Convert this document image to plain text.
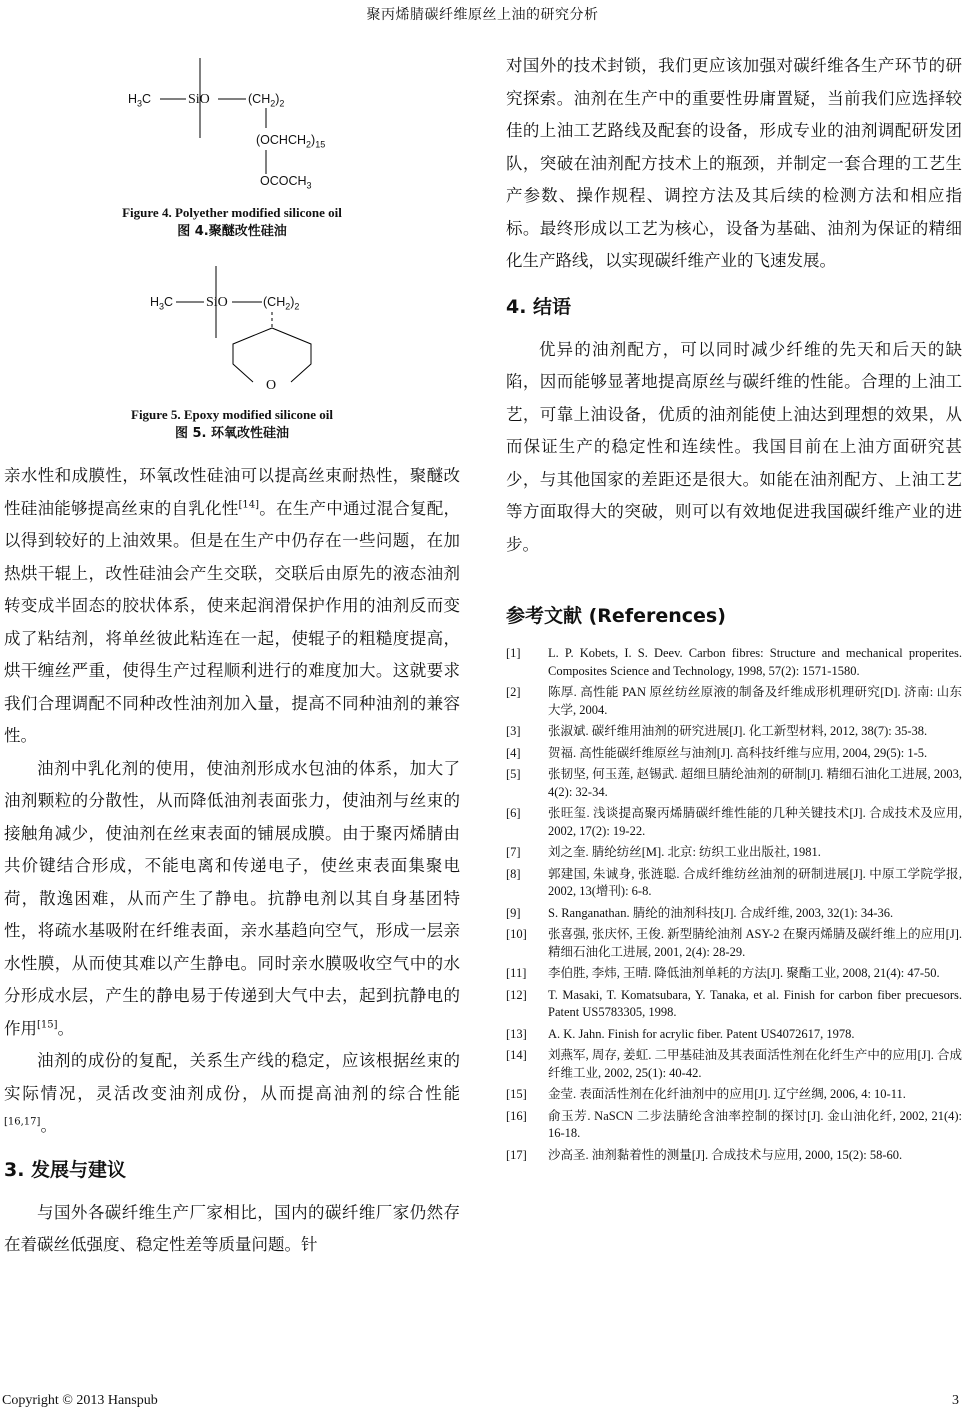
聚丙烯腈碳纤维原丝上油的研究分析
$H_3C$	SiO	$(CH_2)_2$
$(OCHCH_2)_{15}$
$OCOCH_3$
Figure 4. Polyether modified silicone oil
图 4.聚醚改性硅油
$H_3C$ SiO	$(CH_2)_2$
O
Figure 5. Epoxy modified silicone oil
图 5. 环氧改性硅油

亲水性和成膜性，环氧改性硅油可以提高丝束耐热性，聚醚改性硅油能够提高丝束的自乳化性[14]。在生产中通过混合复配，以得到较好的上油效果。但是在生产中仍存在一些问题，在加热烘干辊上，改性硅油会产生交联，交联后由原先的液态油剂转变成半固态的胶状体系，使来起润滑保护作用的油剂反而变成了粘结剂，将单丝彼此粘连在一起，使辊子的粗糙度提高，烘干缠丝严重，使得生产过程顺利进行的难度加大。这就要求我们合理调配不同种改性油剂加入量，提高不同种油剂的兼容性。

油剂中乳化剂的使用，使油剂形成水包油的体系，加大了油剂颗粒的分散性，从而降低油剂表面张力，使油剂与丝束的接触角减少，使油剂在丝束表面的铺展成膜。由于聚丙烯腈由共价键结合形成，不能电离和传递电子，使丝束表面集聚电荷，散逸困难，从而产生了静电。抗静电剂以其自身基团特性，将疏水基吸附在纤维表面，亲水基趋向空气，形成一层亲水性膜，从而使其难以产生静电。同时亲水膜吸收空气中的水分形成水层，产生的静电易于传递到大气中去，起到抗静电的作用[15]。

油剂的成份的复配，关系生产线的稳定，应该根据丝束的实际情况，灵活改变油剂成份，从而提高油剂的综合性能[16,17]。

3. 发展与建议

与国外各碳纤维生产厂家相比，国内的碳纤维厂家仍然存在着碳丝低强度、稳定性差等质量问题。针

对国外的技术封锁，我们更应该加强对碳纤维各生产环节的研究探索。油剂在生产中的重要性毋庸置疑，当前我们应选择较佳的上油工艺路线及配套的设备，形成专业的油剂调配研发团队，突破在油剂配方技术上的瓶颈，并制定一套合理的工艺生产参数、操作规程、调控方法及其后续的检测方法和相应指标。最终形成以工艺为核心，设备为基础、油剂为保证的精细化生产路线，以实现碳纤维产业的飞速发展。

4. 结语

优异的油剂配方，可以同时减少纤维的先天和后天的缺陷，因而能够显著地提高原丝与碳纤维的性能。合理的上油工艺，可靠上油设备，优质的油剂能使上油达到理想的效果，从而保证生产的稳定性和连续性。我国目前在上油方面研究甚少，与其他国家的差距还是很大。如能在油剂配方、上油工艺等方面取得大的突破，则可以有效地促进我国碳纤维产业的进步。

参考文献 (References)
[1]	L. P. Kobets, I. S. Deev. Carbon fibres: Structure and mechanical properites. Composites Science and Technology, 1998, 57(2): 1571-1580.
[2]	陈厚. 高性能 PAN 原丝纺丝原液的制备及纤维成形机理研究[D]. 济南: 山东大学, 2004.
[3]	张淑斌. 碳纤维用油剂的研究进展[J]. 化工新型材料, 2012, 38(7): 35-38.
[4]	贺福. 高性能碳纤维原丝与油剂[J]. 高科技纤维与应用, 2004, 29(5): 1-5.
[5]	张韧坚, 何玉莲, 赵锡武. 超细旦腈纶油剂的研制[J]. 精细石油化工进展, 2003, 4(2): 32-34.
[6]	张旺玺. 浅谈提高聚丙烯腈碳纤维性能的几种关键技术[J]. 合成技术及应用, 2002, 17(2): 19-22.
[7]	刘之奎. 腈纶纺丝[M]. 北京: 纺织工业出版社, 1981.
[8]	郭建国, 朱诚身, 张涟聪. 合成纤维纺丝油剂的研制进展[J]. 中原工学院学报, 2002, 13(增刊): 6-8.
[9]	S. Ranganathan. 腈纶的油剂科技[J]. 合成纤维, 2003, 32(1): 34-36.
[10]	张喜强, 张庆怀, 王俊. 新型腈纶油剂 ASY-2 在聚丙烯腈及碳纤维上的应用[J]. 精细石油化工进展, 2001, 2(4): 28-29.
[11]	李伯胜, 李炜, 王晴. 降低油剂单耗的方法[J]. 聚酯工业, 2008, 21(4): 47-50.
[12]	T. Masaki, T. Komatsubara, Y. Tanaka, et al. Finish for carbon fiber precuesors. Patent US5783305, 1998.
[13]	A. K. Jahn. Finish for acrylic fiber. Patent US4072617, 1978.
[14]	刘燕军, 周存, 姜虹. 二甲基硅油及其表面活性剂在化纤生产中的应用[J]. 合成纤维工业, 2002, 25(1): 40-42.
[15]	金莹. 表面活性剂在化纤油剂中的应用[J]. 辽宁丝绸, 2006, 4: 10-11.
[16]	俞玉芳. NaSCN 二步法腈纶含油率控制的探讨[J]. 金山油化纤, 2002, 21(4): 16-18.
[17]	沙高圣. 油剂黏着性的测量[J]. 合成技术与应用, 2000, 15(2): 58-60.
Copyright © 2013 Hanspub	3
